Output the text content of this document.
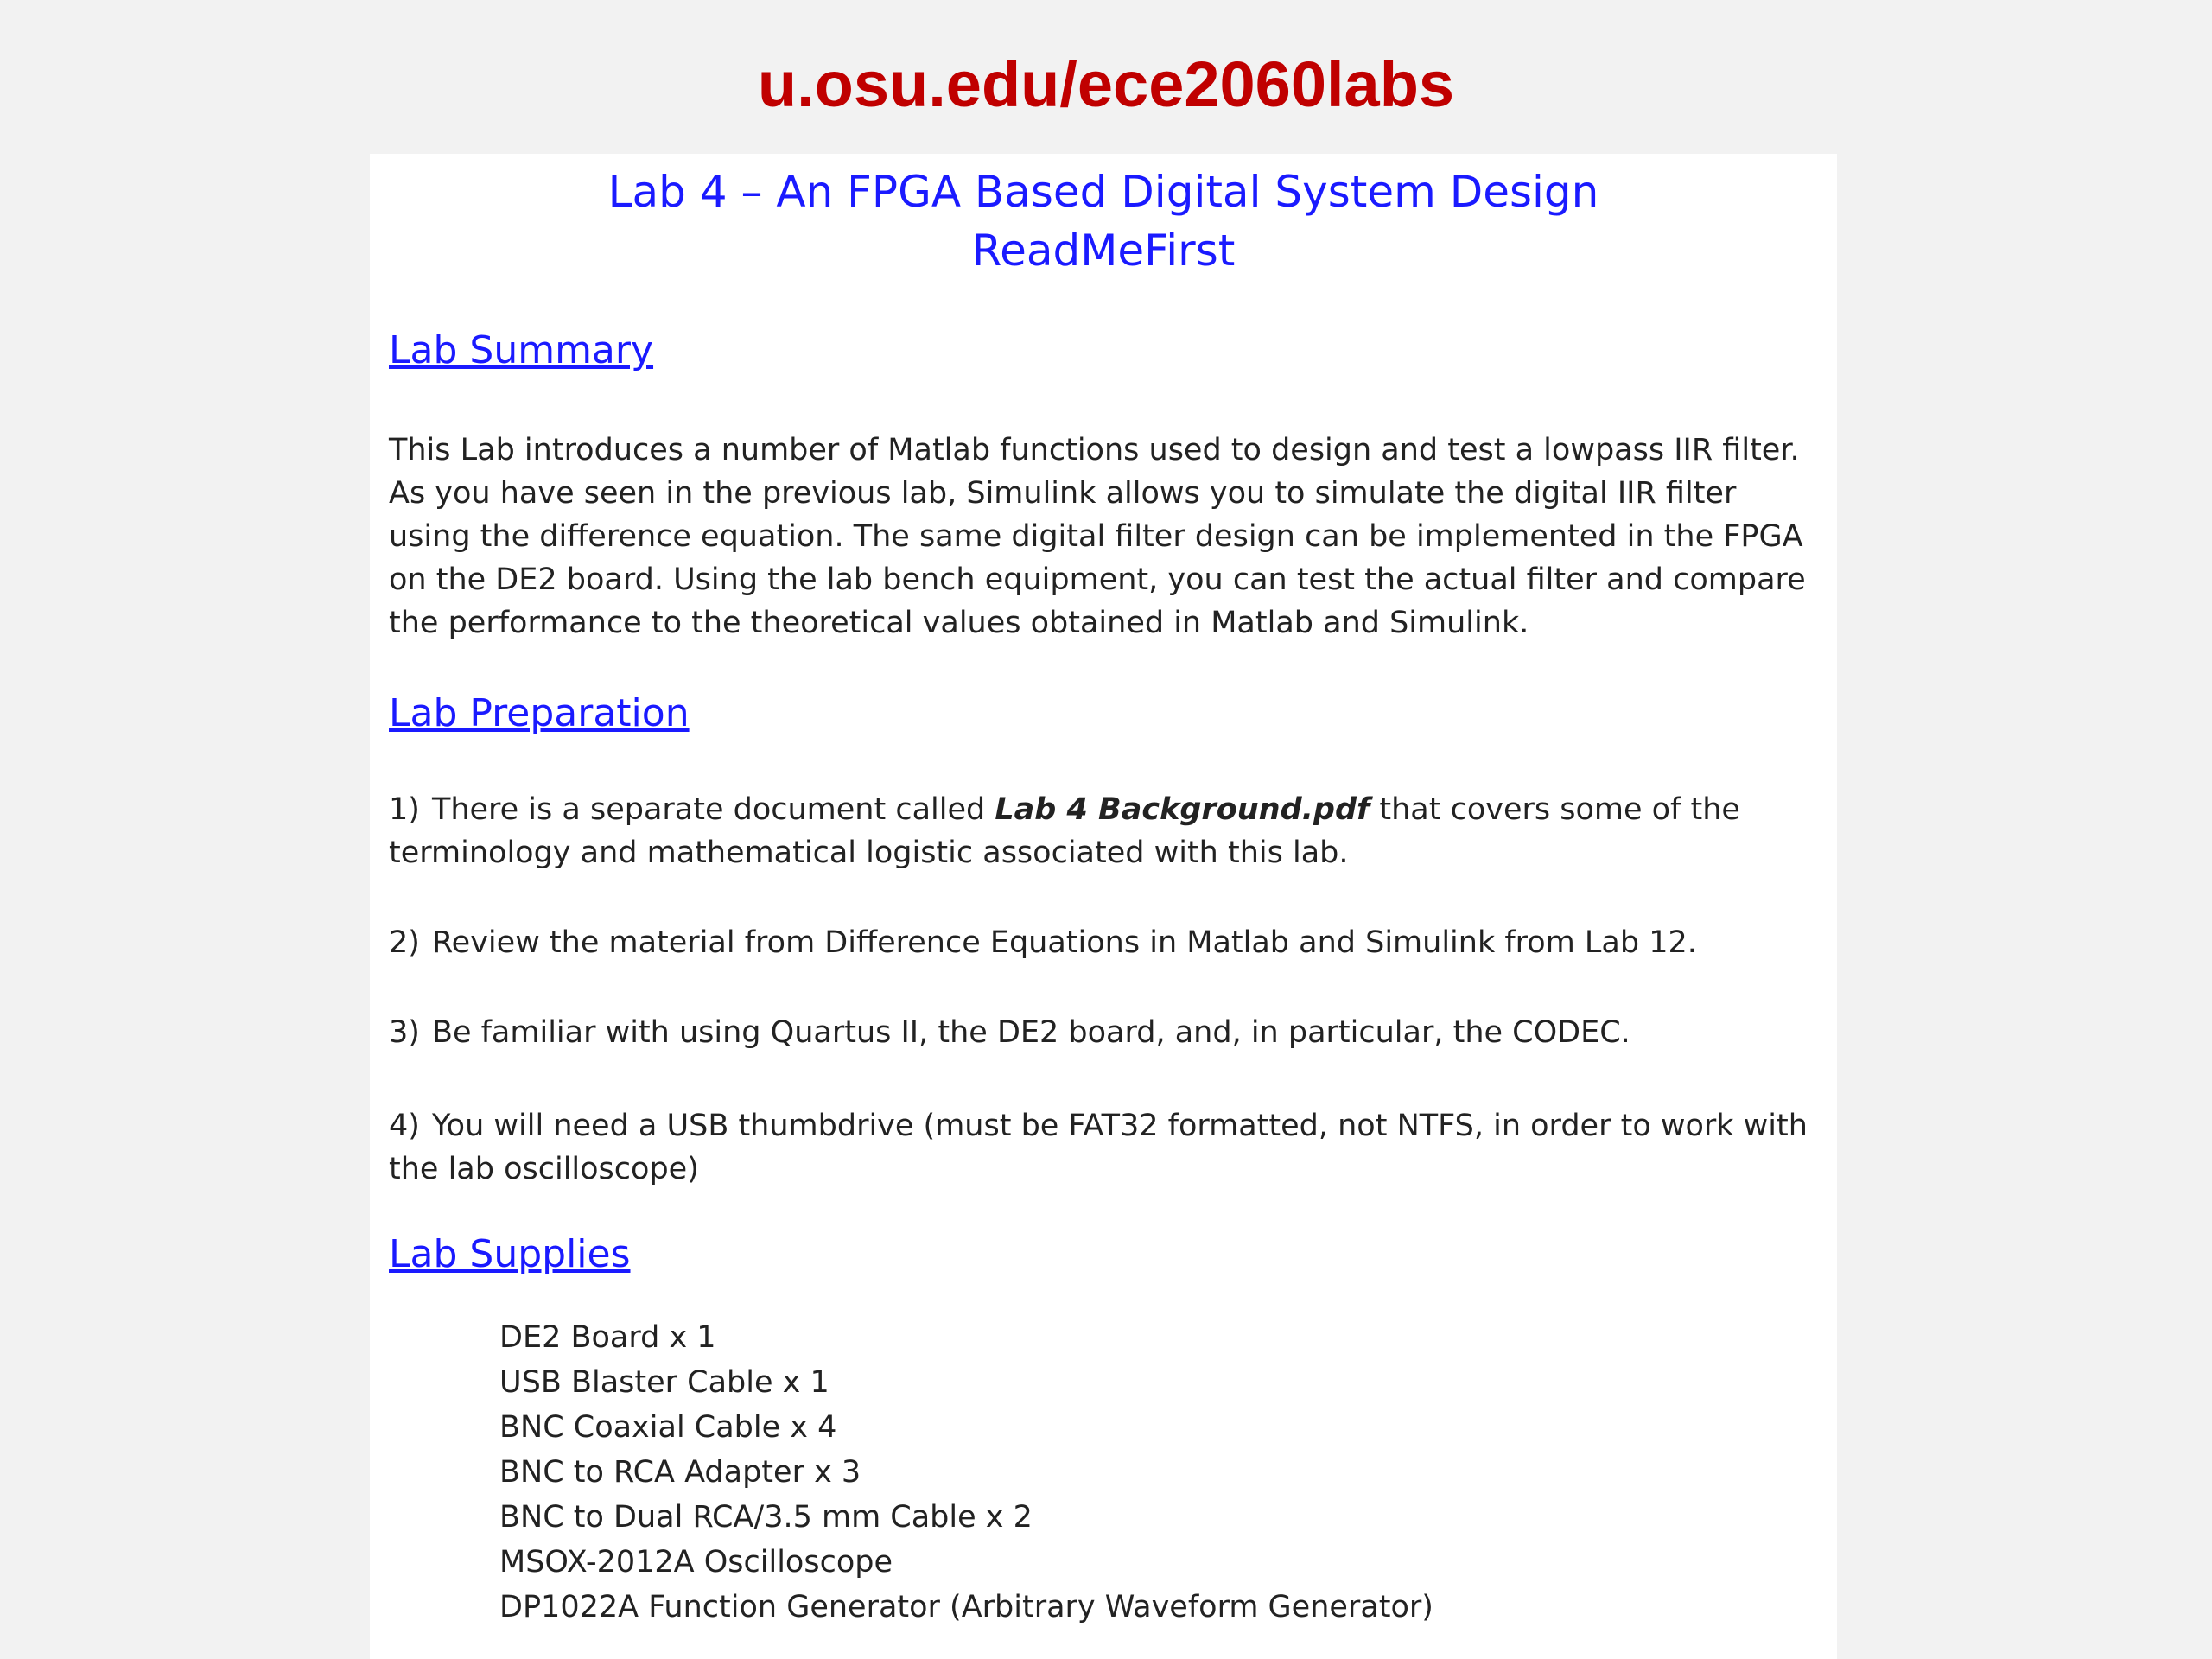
u.osu.edu/ece2060labs
Lab 4 – An FPGA Based Digital System Design
ReadMeFirst
Lab Summary

This Lab introduces a number of Matlab functions used to design and test a lowpass IIR filter. As you have seen in the previous lab, Simulink allows you to simulate the digital IIR filter using the difference equation. The same digital filter design can be implemented in the FPGA on the DE2 board. Using the lab bench equipment, you can test the actual filter and compare the performance to the theoretical values obtained in Matlab and Simulink.

Lab Preparation

1) There is a separate document called Lab 4 Background.pdf that covers some of the terminology and mathematical logistic associated with this lab.

2) Review the material from Difference Equations in Matlab and Simulink from Lab 12.

3) Be familiar with using Quartus II, the DE2 board, and, in particular, the CODEC.

4) You will need a USB thumbdrive (must be FAT32 formatted, not NTFS, in order to work with the lab oscilloscope)

Lab Supplies
DE2 Board x 1
USB Blaster Cable x 1
BNC Coaxial Cable x 4
BNC to RCA Adapter x 3
BNC to Dual RCA/3.5 mm Cable x 2
MSOX-2012A Oscilloscope
DP1022A Function Generator (Arbitrary Waveform Generator)
